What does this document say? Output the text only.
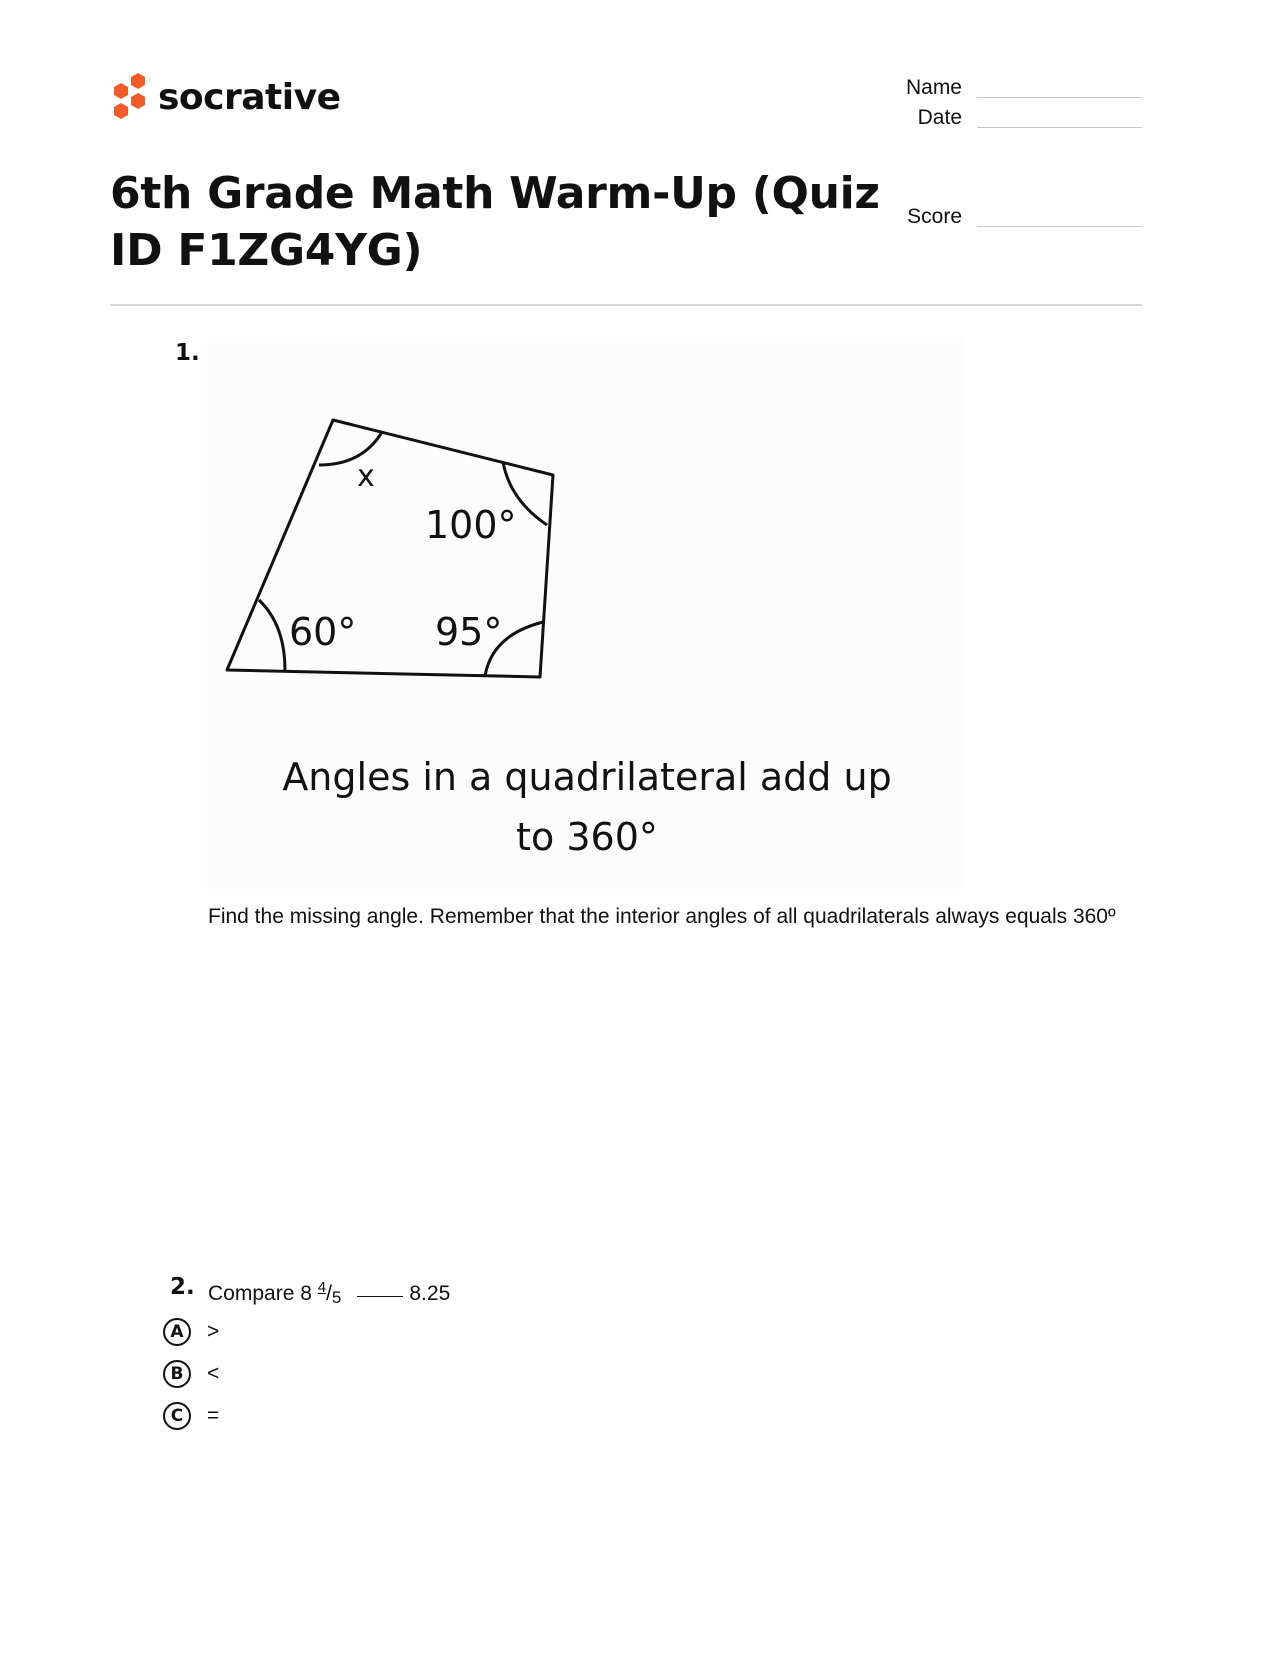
socrative	Name
Date
Score
6th Grade Math Warm-Up (Quiz ID F1ZG4YG)
1.
x
100°
60° 95°
Angles in a quadrilateral add up
to 360°
Find the missing angle. Remember that the interior angles of all quadrilaterals always equals 360º
2. Compare 8 $^4$/5	8.25
A	>
B	<
C	=
